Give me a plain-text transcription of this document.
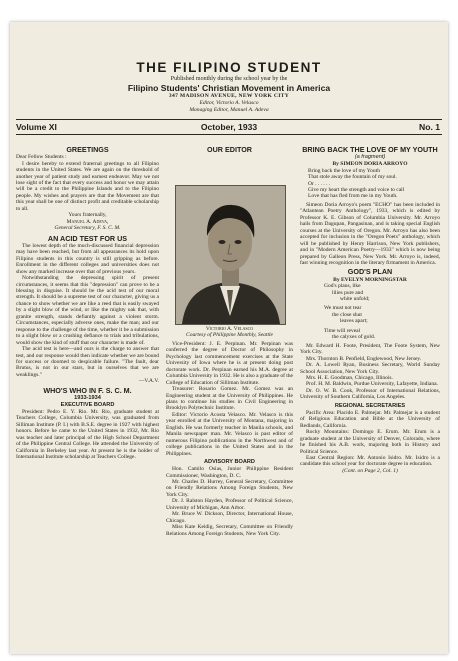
THE FILIPINO STUDENT
Published monthly during the school year by the
Filipino Students' Christian Movement in America
347 MADISON AVENUE, NEW YORK CITY
Editor, Victorio A. Velasco
Managing Editor, Manuel A. Adeva
Volume XI	October, 1933	No. 1
GREETINGS

Dear Fellow Students :

I desire hereby to extend fraternal greetings to all Filipino students in the United States. We are again on the threshold of another year of patient study and earnest endeavor. May we not lose sight of the fact that every success and honor we may attain will be a credit to the Philippine Islands and to the Filipino people. My wishes and prayers are that the Movement are that this year shall be one of distinct profit and creditable scholarship to all.

Yours fraternally,

Manuel A. Adeva,

General Secretary, F. S. C. M.

AN ACID TEST FOR US

The lowest depth of the much-discussed financial depression may have been reached, but from all appearances its hold upon Filipino students in this country is still gripping as before. Enrollment in the different colleges and universities does not show any marked increase over that of previous years.

Notwithstanding the depressing spirit of present circumstances, it seems that this "depression" can prove to be a blessing in disguise. It should be the acid test of our moral strength. It should be a supreme test of our character, giving us a chance to show whether we are like a reed that is easily swayed by a slight blow of the wind, or like the mighty oak that, with granite strength, stands defiantly against a violent storm. Circumstances, especially adverse ones, make the man; and our response to the challenge of the time, whether it be a submission to a slight blow or a crushing defiance to trials and tribulations, would show the kind of stuff that our character is made of.

The acid test is here—and ours is the charge to answer that test, and our response would then indicate whether we are bound for success or doomed to despicable failure. "The fault, dear Brutus, is not in our stars, but in ourselves that we are weaklings."

—V.A.V.

WHO'S WHO IN F. S. C. M.
1933-1934
EXECUTIVE BOARD

President: Pedro E. Y. Rio. Mr. Rio, graduate student at Teachers College, Columbia University, was graduated from Silliman Institute (P. I.) with B.S.E. degree in 1927 with highest honors. Before he came to the United States in 1932, Mr. Rio was teacher and later principal of the High School Department of the Philippine Central College. He attended the University of California in Berkeley last year. At present he is the holder of International Institute scholarship at Teachers College.

OUR EDITOR

Victorio A. Velasco

Courtesy of Philippine Monthly, Seattle

Vice-President: J. E. Perpinan. Mr. Perpinan was conferred the degree of Doctor of Philosophy in Psychology last commencement exercises at the State University of Iowa where he is at present doing post doctorate work. Dr. Perpinan earned his M.A. degree at Columbia University in 1932. He is also a graduate of the College of Education of Silliman Institute.

Treasurer: Rosario Gomez. Mr. Gomez was an Engineering student at the University of Philippines. He plans to continue his studies in Civil Engineering in Brooklyn Polytechnic Institute.

Editor: Victorio Acosta Velasco. Mr. Velasco is this year enrolled at the University of Montana, majoring in English. He was formerly teacher in Manila schools, and Manila newspaper man. Mr. Velasco is past editor of numerous Filipino publications in the Northwest and of college publications in the United States and in the Philippines.

ADVISORY BOARD

Hon. Camilo Osias, Junior Philippine Resident Commissioner, Washington, D. C.

Mr. Charles D. Hurrey, General Secretary, Committee on Friendly Relations Among Foreign Students, New York City.

Dr. J. Ralston Hayden, Professor of Political Science, University of Michigan, Ann Arbor.

Mr. Bruce W. Dickson, Director, International House, Chicago.

Miss Kate Keidig, Secretary, Committee on Friendly Relations Among Foreign Students, New York City.

BRING BACK THE LOVE OF MY YOUTH
(a fragment)

By SIMEON DORIA ARROYO

Bring back the love of my Youth

That stole away the fountain of my soul.

Or . . . . . .

Give my heart the strength and voice to call

Love that has fled from me in my Youth.

Simeon Doria Arroyo's poem "ECHO" has been included in "Atlantean Poetry Anthology", 1933, which is edited by Professor K. E. Gibson of Columbia University. Mr. Arroyo hails from Dagupan, Pangasinan, and is taking special English courses at the University of Oregon. Mr. Arroyo has also been accepted for inclusion in the "Oregon Poets" anthology, which will be published by Henry Harrison, New York publishers, and in "Modern American Poetry—1933" which is now being prepared by Galleon Press, New York. Mr. Arroyo is, indeed, fast winning recognition in the literary firmament in America.

GOD'S PLAN

By EVELYN MORNINGSTAR

God's plans, like

lilies pure and

white unfold;

We must not tear

the close shut

leaves apart;

Time will reveal

the calyxes of gold.

Mr. Edward H. Foote, President, The Foote System, New York City.

Mrs. Thornton B. Penfield, Englewood, New Jersey.

Dr. A. Lowell Ryan, Business Secretary, World Sunday School Association, New York City.

Mrs. H. E. Goodman, Chicago, Illinois.

Prof. H. M. Baldwin, Purdue University, Lafayette, Indiana.

Dr. O. W. B. Cook, Professor of International Relations, University of Southern California, Los Angeles.

REGIONAL SECRETARIES

Pacific Area: Placido E. Palmejar. Mr. Palmejar is a student of Religious Education and Bible at the University of Redlands, California.

Rocky Mountains: Domingo E. Erum. Mr. Erum is a graduate student at the University of Denver, Colorado, where he finished his A.B. work, majoring both in History and Political Science.

East Central Region: Mr. Antonio Isidro. Mr. Isidro is a candidate this school year for doctorate degree in education.

(Cont. on Page 2, Col. 1)
